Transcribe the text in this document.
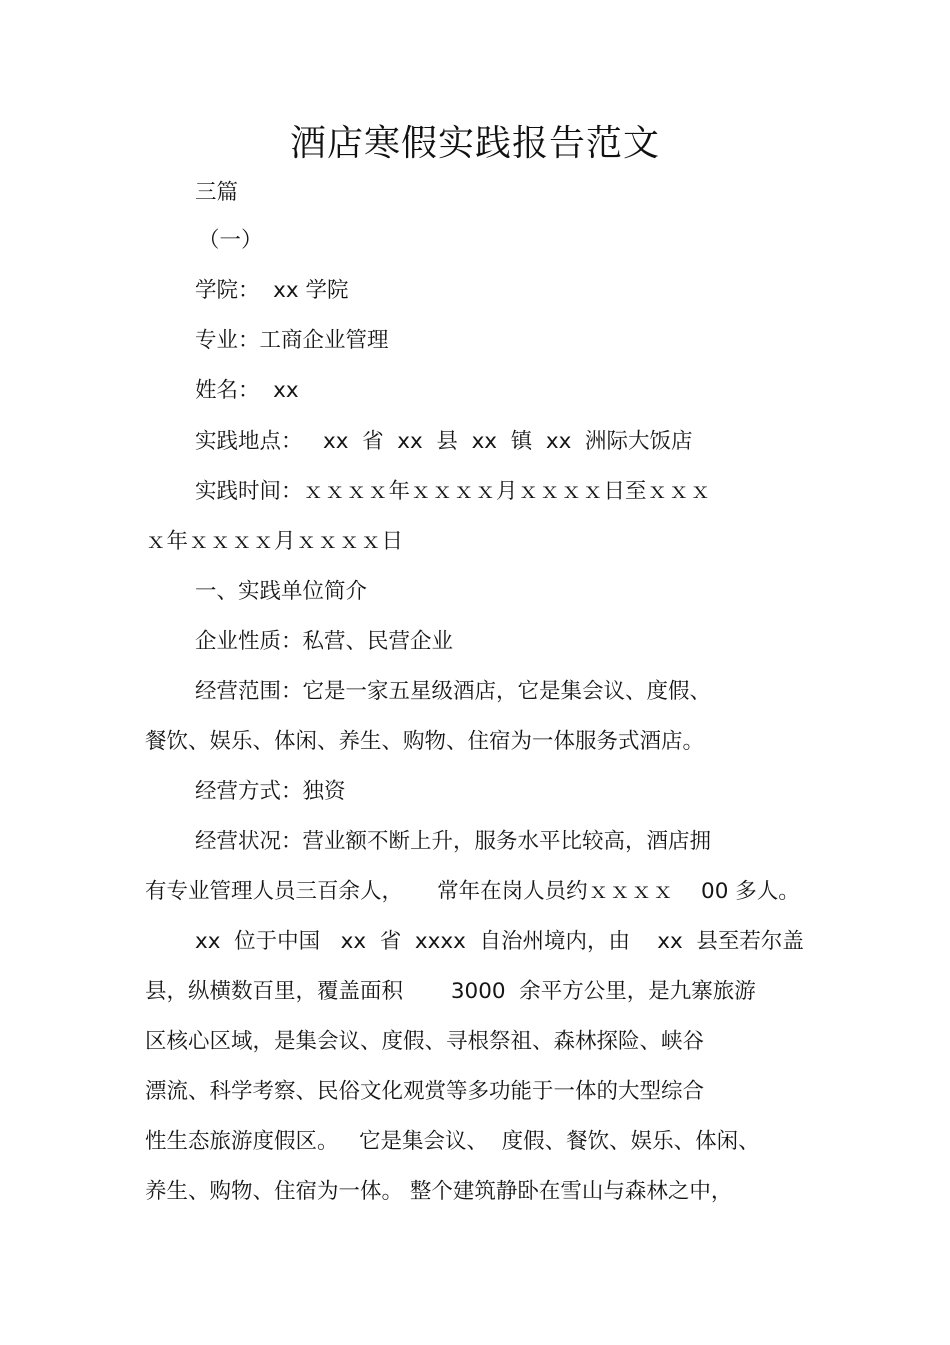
酒店寒假实践报告范文
三篇
（一）
学院：  xx 学院
专业：工商企业管理
姓名：  xx
实践地点：   xx  省  xx  县  xx  镇  xx  洲际大饭店
实践时间：ｘｘｘｘ年ｘｘｘｘ月ｘｘｘｘ日至ｘｘｘ
ｘ年ｘｘｘｘ月ｘｘｘｘ日
一、实践单位简介
企业性质：私营、民营企业
经营范围：它是一家五星级酒店，它是集会议、度假、
餐饮、娱乐、体闲、养生、购物、住宿为一体服务式酒店。
经营方式：独资
经营状况：营业额不断上升，服务水平比较高，酒店拥
有专业管理人员三百余人，     常年在岗人员约ｘｘｘｘ    00 多人。
xx  位于中国   xx  省  xxxx  自治州境内，由    xx  县至若尔盖
县，纵横数百里，覆盖面积       3000  余平方公里，是九寨旅游
区核心区域，是集会议、度假、寻根祭祖、森林探险、峡谷
漂流、科学考察、民俗文化观赏等多功能于一体的大型综合
性生态旅游度假区。   它是集会议、  度假、餐饮、娱乐、体闲、
养生、购物、住宿为一体。 整个建筑静卧在雪山与森林之中，
